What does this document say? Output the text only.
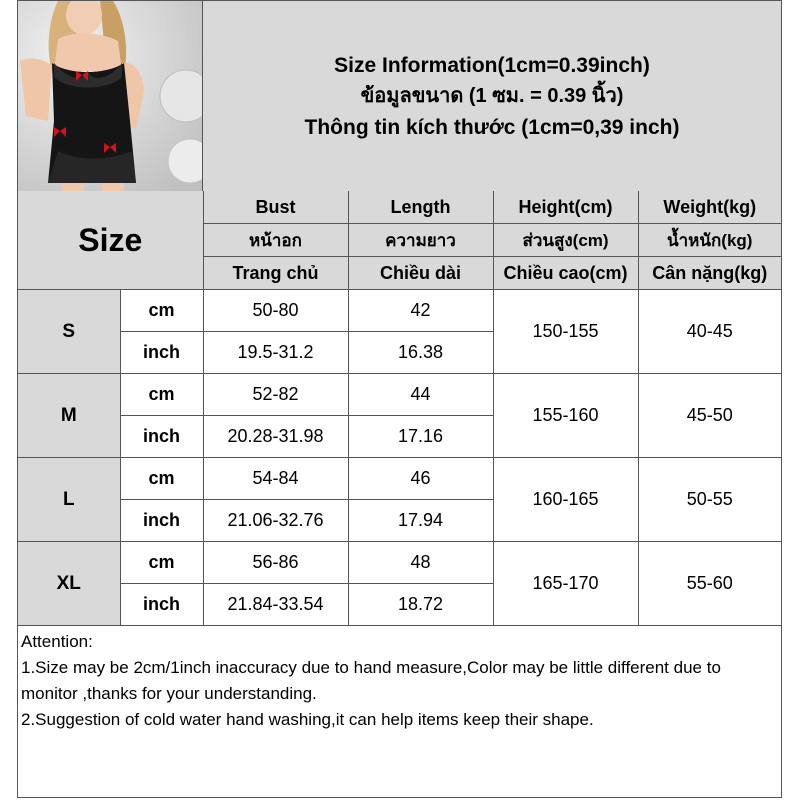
Size Information(1cm=0.39inch)
ข้อมูลขนาด (1 ซม. = 0.39 นิ้ว)
Thông tin kích thước (1cm=0,39 inch)
Size		Bust	Length	Height(cm)	Weight(kg)
		หน้าอก	ความยาว	ส่วนสูง(cm)	น้ำหนัก(kg)
		Trang chủ	Chiều dài	Chiều cao(cm)	Cân nặng(kg)
S	cm	50-80	42	150-155	40-45
	inch	19.5-31.2	16.38		
M	cm	52-82	44	155-160	45-50
	inch	20.28-31.98	17.16		
L	cm	54-84	46	160-165	50-55
	inch	21.06-32.76	17.94		
XL	cm	56-86	48	165-170	55-60
	inch	21.84-33.54	18.72		
Attention:
1.Size may be 2cm/1inch inaccuracy due to hand measure,Color may be little different due to monitor ,thanks for your understanding.
2.Suggestion of cold water hand washing,it can help items keep their shape.
